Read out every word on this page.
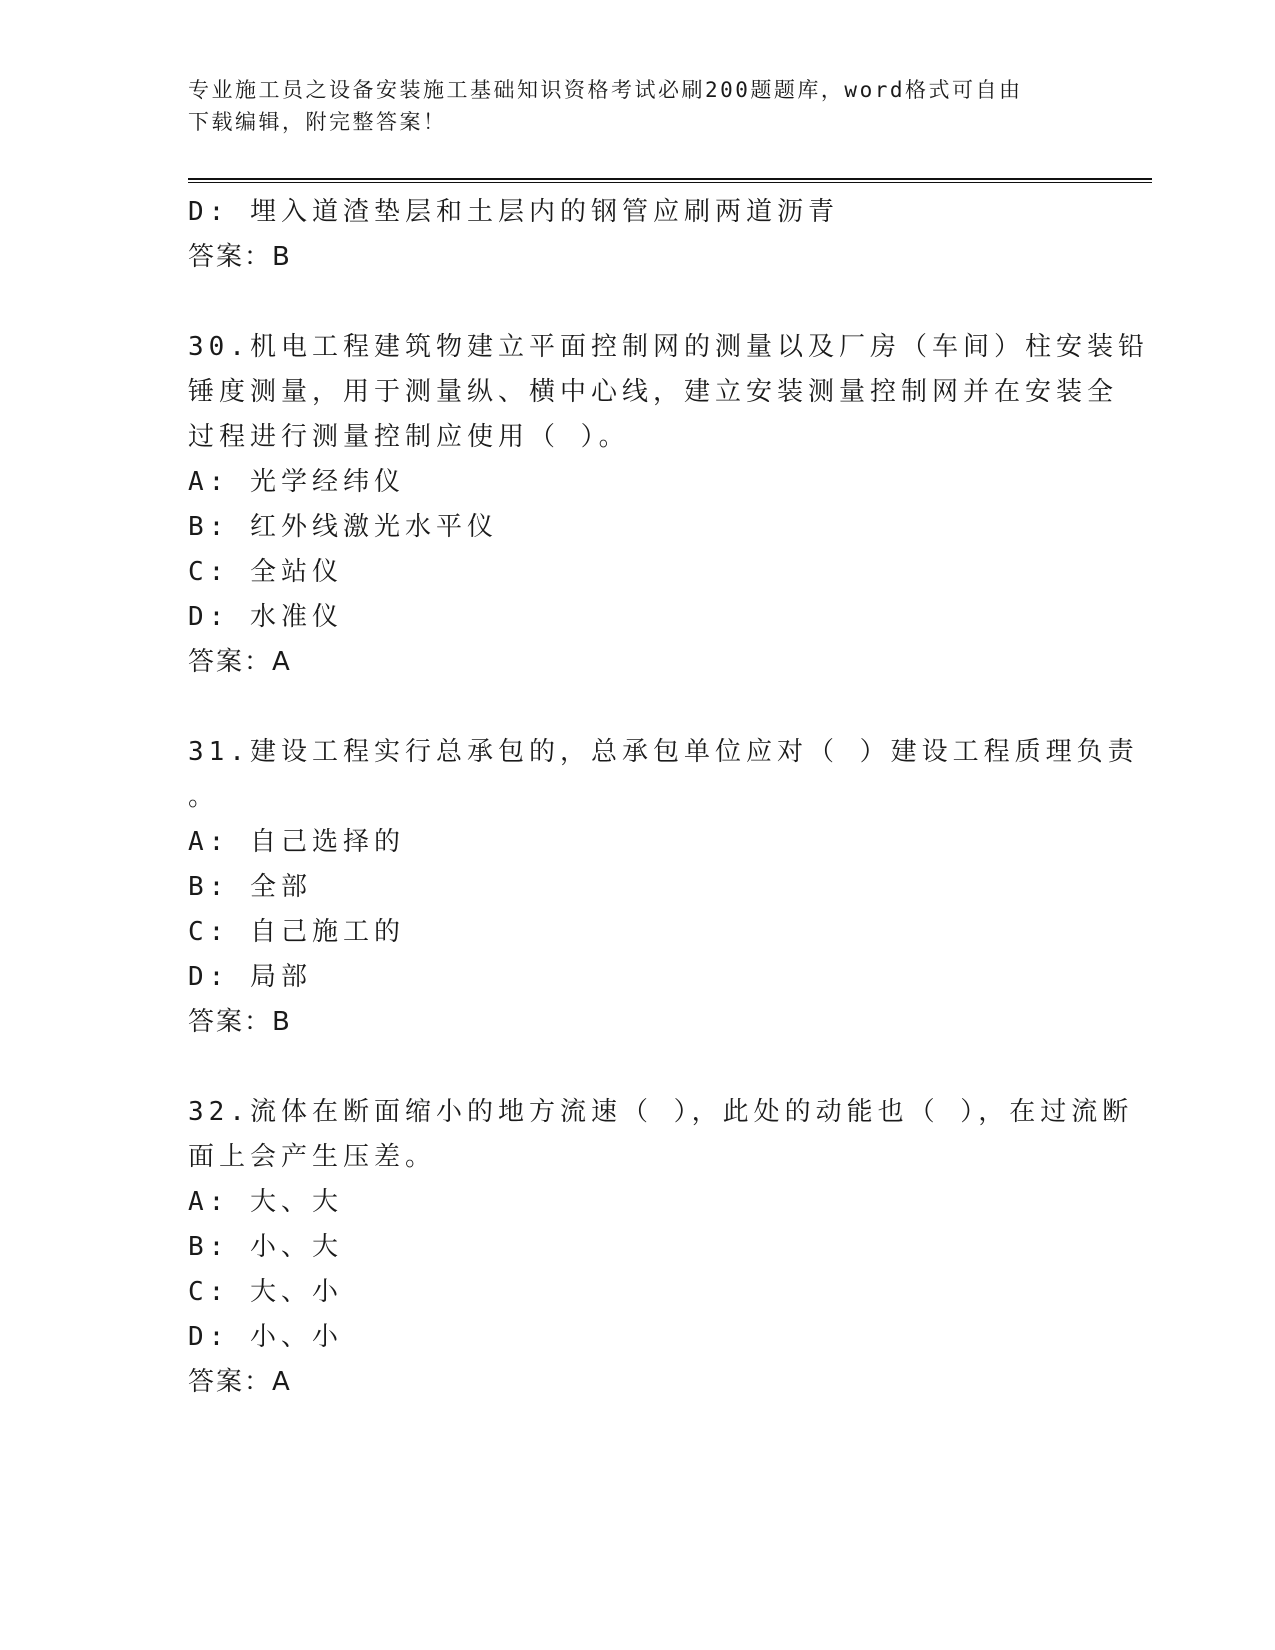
专业施工员之设备安装施工基础知识资格考试必刷200题题库，word格式可自由
下载编辑，附完整答案！
D: 埋入道渣垫层和土层内的钢管应刷两道沥青
答案：B
30.机电工程建筑物建立平面控制网的测量以及厂房（车间）柱安装铅
锤度测量，用于测量纵、横中心线，建立安装测量控制网并在安装全
过程进行测量控制应使用（ ）。
A: 光学经纬仪
B: 红外线激光水平仪
C: 全站仪
D: 水准仪
答案：A
31.建设工程实行总承包的，总承包单位应对（ ）建设工程质理负责
。
A: 自己选择的
B: 全部
C: 自己施工的
D: 局部
答案：B
32.流体在断面缩小的地方流速（ ），此处的动能也（ ），在过流断
面上会产生压差。
A: 大、大
B: 小、大
C: 大、小
D: 小、小
答案：A
